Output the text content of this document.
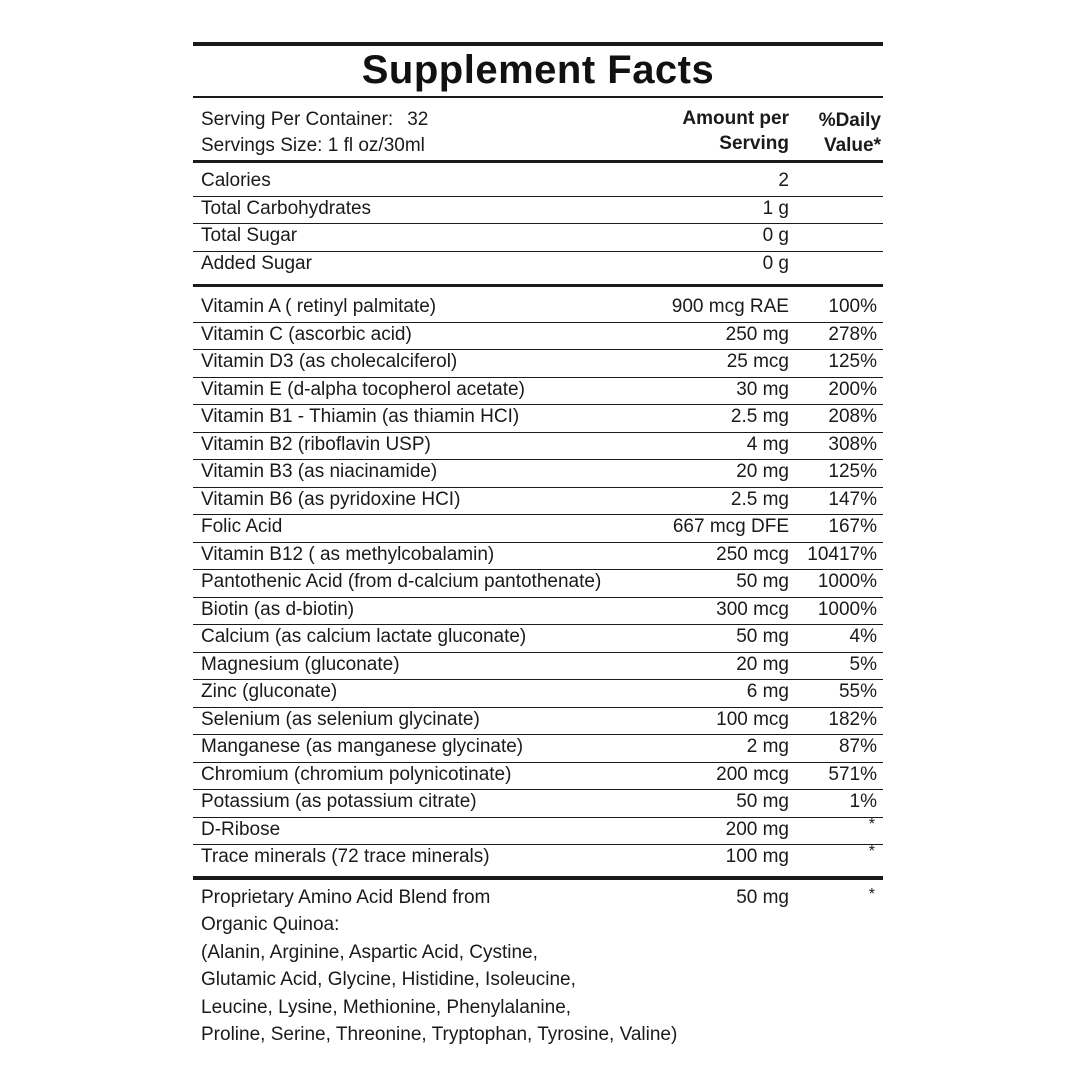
Supplement Facts
Serving Per Container: 32
Servings Size: 1 fl oz/30ml
Amount per
Serving
%Daily
Value*
Calories	2
Total Carbohydrates	1 g
Total Sugar	0 g
Added Sugar	0 g
Vitamin A ( retinyl palmitate)	900 mcg RAE 100%
Vitamin C (ascorbic acid)	250 mg 278%
Vitamin D3 (as cholecalciferol)	25 mcg 125%
Vitamin E (d-alpha tocopherol acetate)	30 mg 200%
Vitamin B1 - Thiamin (as thiamin HCI)	2.5 mg 208%
Vitamin B2 (riboflavin USP)	4 mg 308%
Vitamin B3 (as niacinamide)	20 mg 125%
Vitamin B6 (as pyridoxine HCI)	2.5 mg 147%
Folic Acid	667 mcg DFE 167%
Vitamin B12 ( as methylcobalamin)	250 mcg 10417%
Pantothenic Acid (from d-calcium pantothenate)	50 mg 1000%
Biotin (as d-biotin)	300 mcg 1000%
Calcium (as calcium lactate gluconate)	50 mg	4%
Magnesium (gluconate)	20 mg	5%
Zinc (gluconate)	6 mg	55%
Selenium (as selenium glycinate)	100 mcg 182%
Manganese (as manganese glycinate)	2 mg	87%
Chromium (chromium polynicotinate)	200 mcg 571%
Potassium (as potassium citrate)	50 mg	1%
D-Ribose	200 mg	*
Trace minerals (72 trace minerals)	100 mg	*
Proprietary Amino Acid Blend from
Organic Quinoa:
(Alanin, Arginine, Aspartic Acid, Cystine,
Glutamic Acid, Glycine, Histidine, Isoleucine,
Leucine, Lysine, Methionine, Phenylalanine,
Proline, Serine, Threonine, Tryptophan, Tyrosine, Valine)
50 mg	*
